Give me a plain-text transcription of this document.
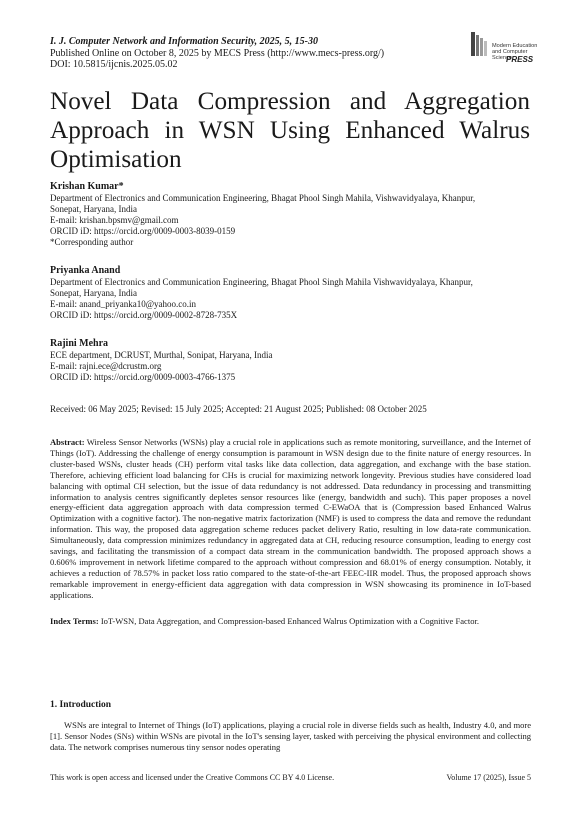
I. J. Computer Network and Information Security, 2025, 5, 15-30
Published Online on October 8, 2025 by MECS Press (http://www.mecs-press.org/)
DOI: 10.5815/ijcnis.2025.05.02
Modern Education
and Computer Science
PRESS
Novel Data Compression and Aggregation
Approach in WSN Using Enhanced Walrus
Optimisation
Krishan Kumar*
Department of Electronics and Communication Engineering, Bhagat Phool Singh Mahila, Vishwavidyalaya, Khanpur,
Sonepat, Haryana, India
E-mail: krishan.bpsmv@gmail.com
ORCID iD: https://orcid.org/0009-0003-8039-0159
*Corresponding author
Priyanka Anand
Department of Electronics and Communication Engineering, Bhagat Phool Singh Mahila Vishwavidyalaya, Khanpur,
Sonepat, Haryana, India
E-mail: anand_priyanka10@yahoo.co.in
ORCID iD: https://orcid.org/0009-0002-8728-735X
Rajini Mehra
ECE department, DCRUST, Murthal, Sonipat, Haryana, India
E-mail: rajni.ece@dcrustm.org
ORCID iD: https://orcid.org/0009-0003-4766-1375
Received: 06 May 2025; Revised: 15 July 2025; Accepted: 21 August 2025; Published: 08 October 2025
Abstract: Wireless Sensor Networks (WSNs) play a crucial role in applications such as remote monitoring, surveillance, and the Internet of Things (IoT). Addressing the challenge of energy consumption is paramount in WSN design due to the finite nature of energy resources. In cluster-based WSNs, cluster heads (CH) perform vital tasks like data collection, data aggregation, and exchange with the base station. Therefore, achieving efficient load balancing for CHs is crucial for maximizing network longevity. Previous studies have considered load balancing with optimal CH selection, but the issue of data redundancy is not addressed. Data redundancy in processing and transmitting information to analysis centres significantly depletes sensor resources like (energy, bandwidth and such). This paper proposes a novel energy-efficient data aggregation approach with data compression termed C-EWaOA that is (Compression based Enhanced Walrus Optimization with a cognitive factor). The non-negative matrix factorization (NMF) is used to compress the data and remove the redundant information. This way, the proposed data aggregation scheme reduces packet delivery Ratio, resulting in low data-rate communication. Simultaneously, data compression minimizes redundancy in aggregated data at CH, reducing resource consumption, leading to energy cost savings, and facilitating the transmission of a compact data stream in the communication bandwidth. The proposed approach shows a 0.606% improvement in network lifetime compared to the approach without compression and 68.01% of energy consumption. Notably, it achieves a reduction of 78.57% in packet loss ratio compared to the state-of-the-art FEEC-IIR model. Thus, the proposed approach shows remarkable improvement in energy-efficient data aggregation with data compression in WSN showcasing its prominence in IoT-based applications.
Index Terms: IoT-WSN, Data Aggregation, and Compression-based Enhanced Walrus Optimization with a Cognitive Factor.
1. Introduction
WSNs are integral to Internet of Things (IoT) applications, playing a crucial role in diverse fields such as health, Industry 4.0, and more [1]. Sensor Nodes (SNs) within WSNs are pivotal in the IoT's sensing layer, tasked with perceiving the physical environment and collecting data. The network comprises numerous tiny sensor nodes operating
This work is open access and licensed under the Creative Commons CC BY 4.0 License.	Volume 17 (2025), Issue 5
